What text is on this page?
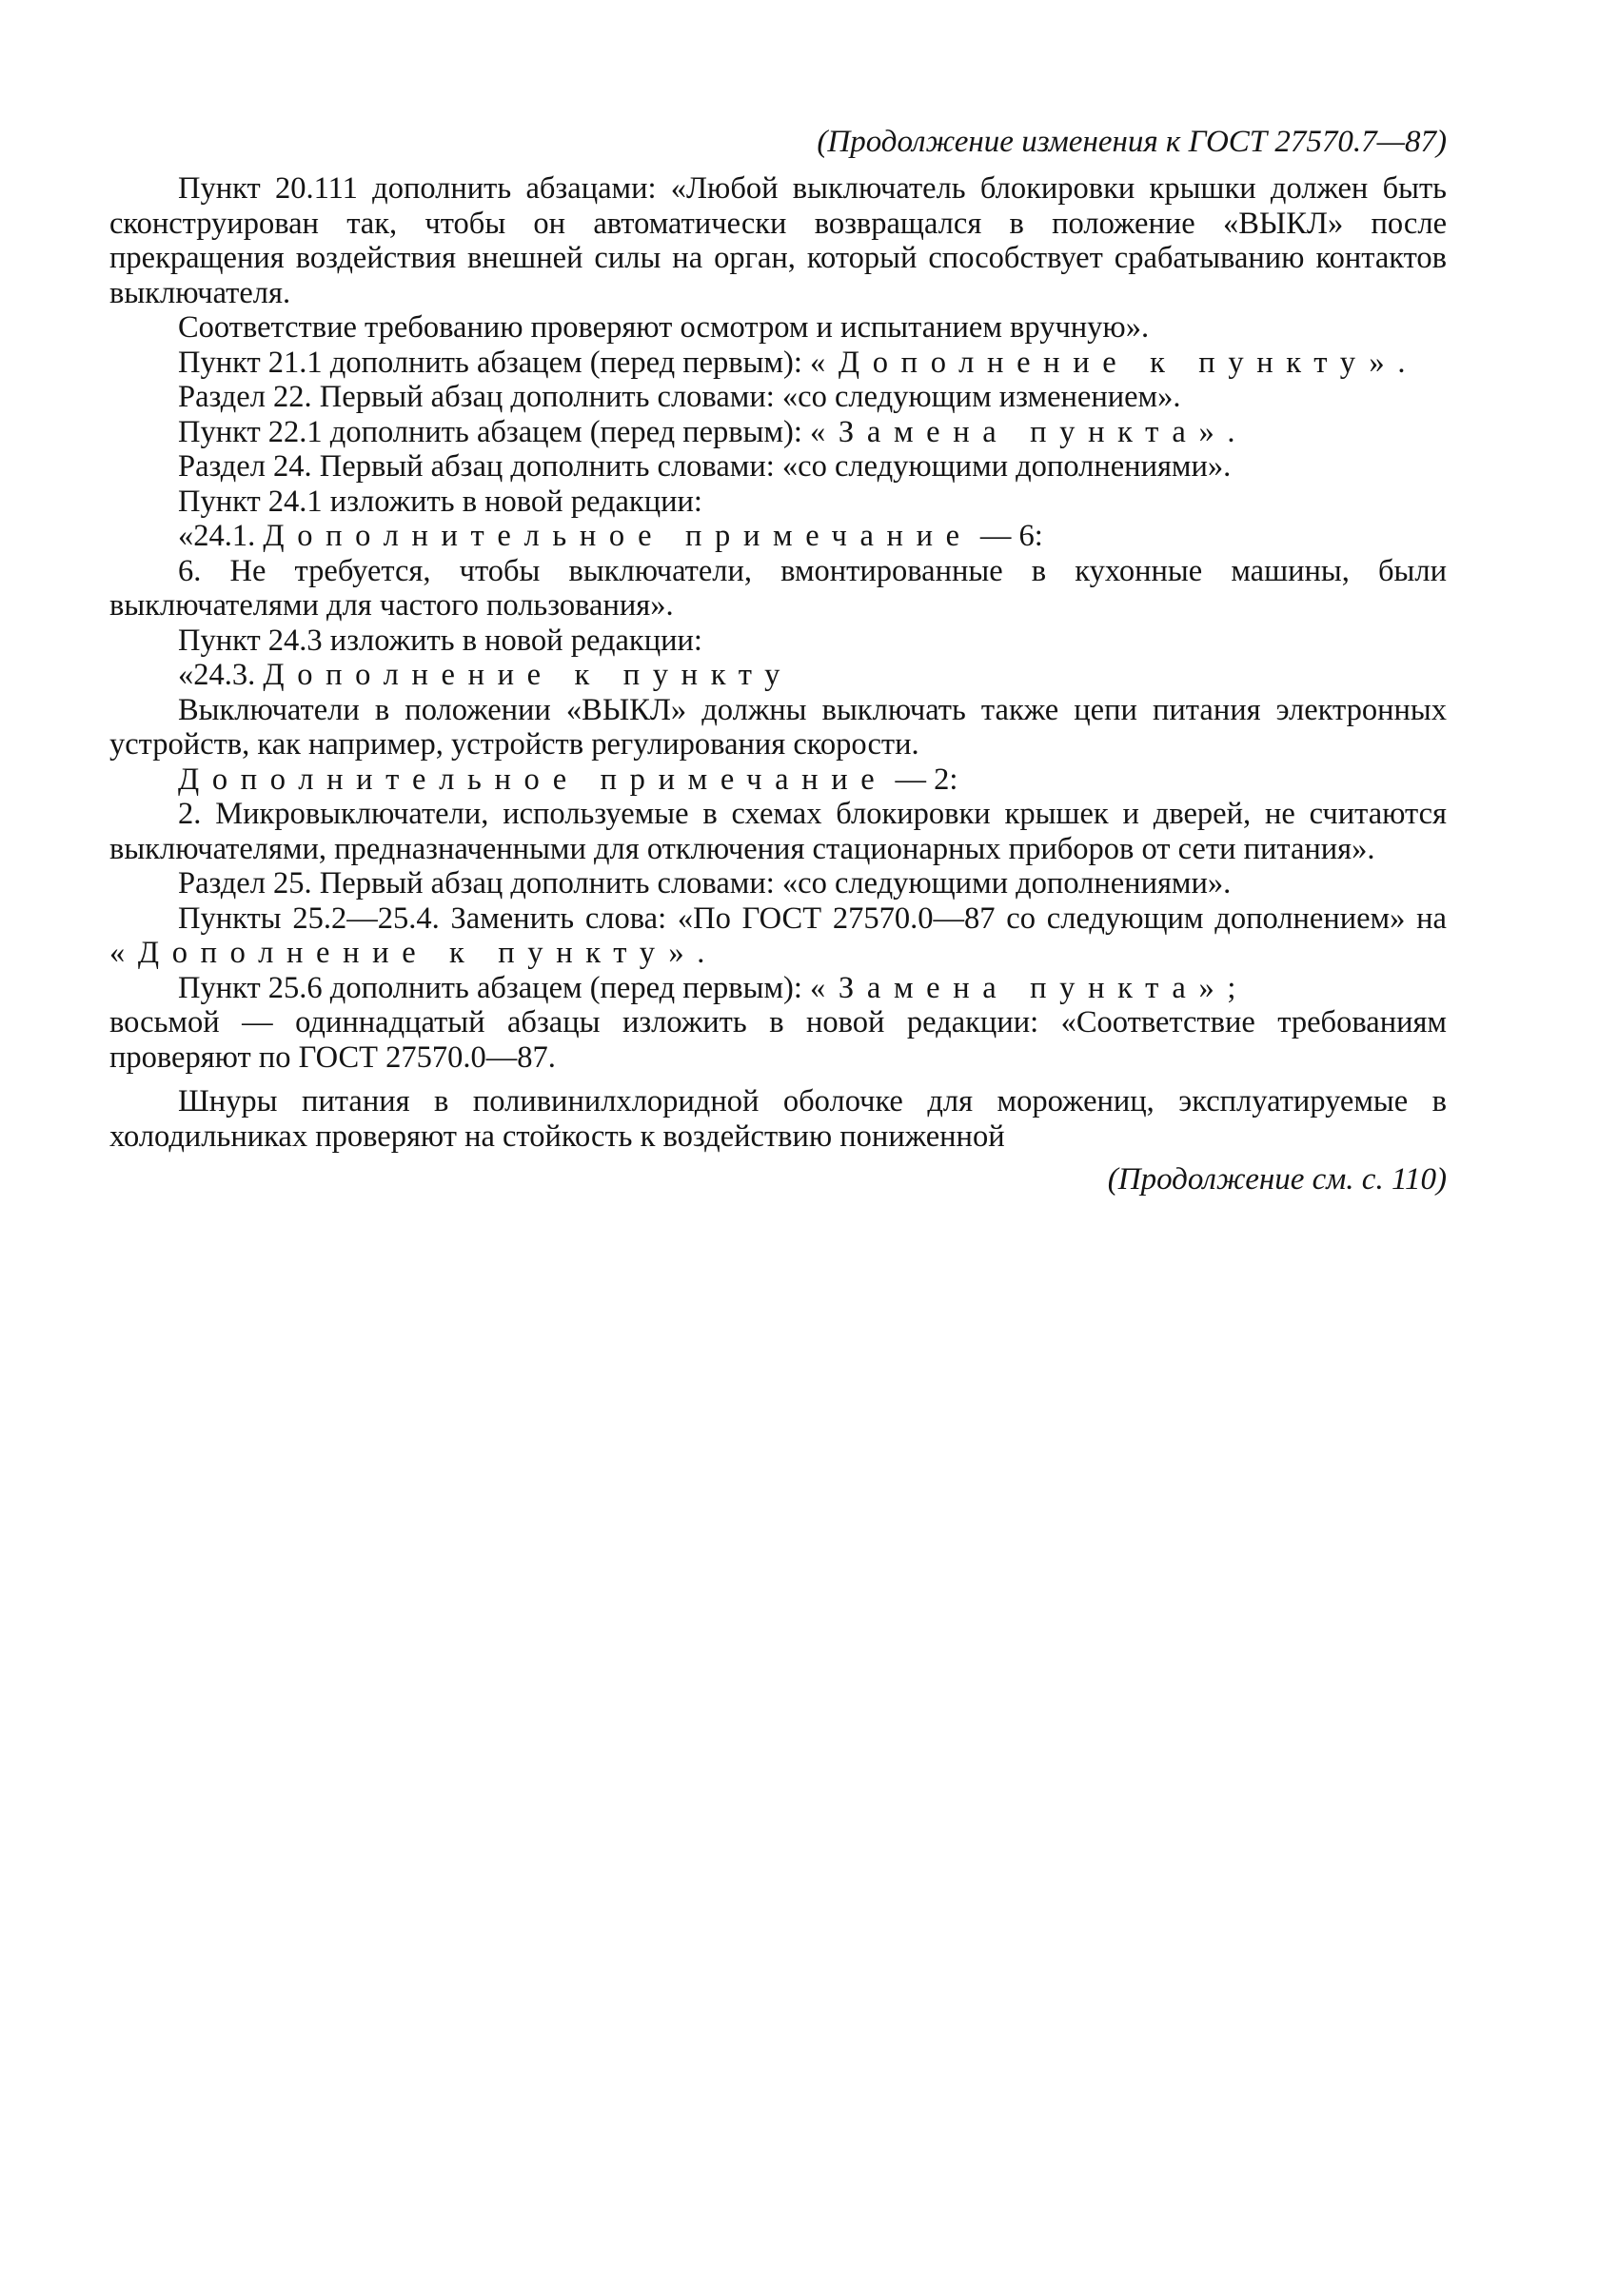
(Продолжение изменения к ГОСТ 27570.7—87)

Пункт 20.111 дополнить абзацами: «Любой выключатель блокировки крышки должен быть сконструирован так, чтобы он автоматически возвращался в положение «ВЫКЛ» после прекращения воздействия внешней силы на орган, который способствует срабатыванию контактов выключателя.

Соответствие требованию проверяют осмотром и испытанием вручную».

Пункт 21.1 дополнить абзацем (перед первым): «Дополнение к пункту».

Раздел 22. Первый абзац дополнить словами: «со следующим изменением».

Пункт 22.1 дополнить абзацем (перед первым): «Замена пункта».

Раздел 24. Первый абзац дополнить словами: «со следующими дополнениями».

Пункт 24.1 изложить в новой редакции:

«24.1. Дополнительное примечание — 6:

6. Не требуется, чтобы выключатели, вмонтированные в кухонные машины, были выключателями для частого пользования».

Пункт 24.3 изложить в новой редакции:

«24.3. Дополнение к пункту

Выключатели в положении «ВЫКЛ» должны выключать также цепи питания электронных устройств, как например, устройств регулирования скорости.

Дополнительное примечание — 2:

2. Микровыключатели, используемые в схемах блокировки крышек и дверей, не считаются выключателями, предназначенными для отключения стационарных приборов от сети питания».

Раздел 25. Первый абзац дополнить словами: «со следующими дополнениями».

Пункты 25.2—25.4. Заменить слова: «По ГОСТ 27570.0—87 со следующим дополнением» на «Дополнение к пункту».

Пункт 25.6 дополнить абзацем (перед первым): «Замена пункта»;

восьмой — одиннадцатый абзацы изложить в новой редакции: «Соответствие требованиям проверяют по ГОСТ 27570.0—87.

Шнуры питания в поливинилхлоридной оболочке для морожениц, эксплуатируемые в холодильниках проверяют на стойкость к воздействию пониженной

(Продолжение см. с. 110)
